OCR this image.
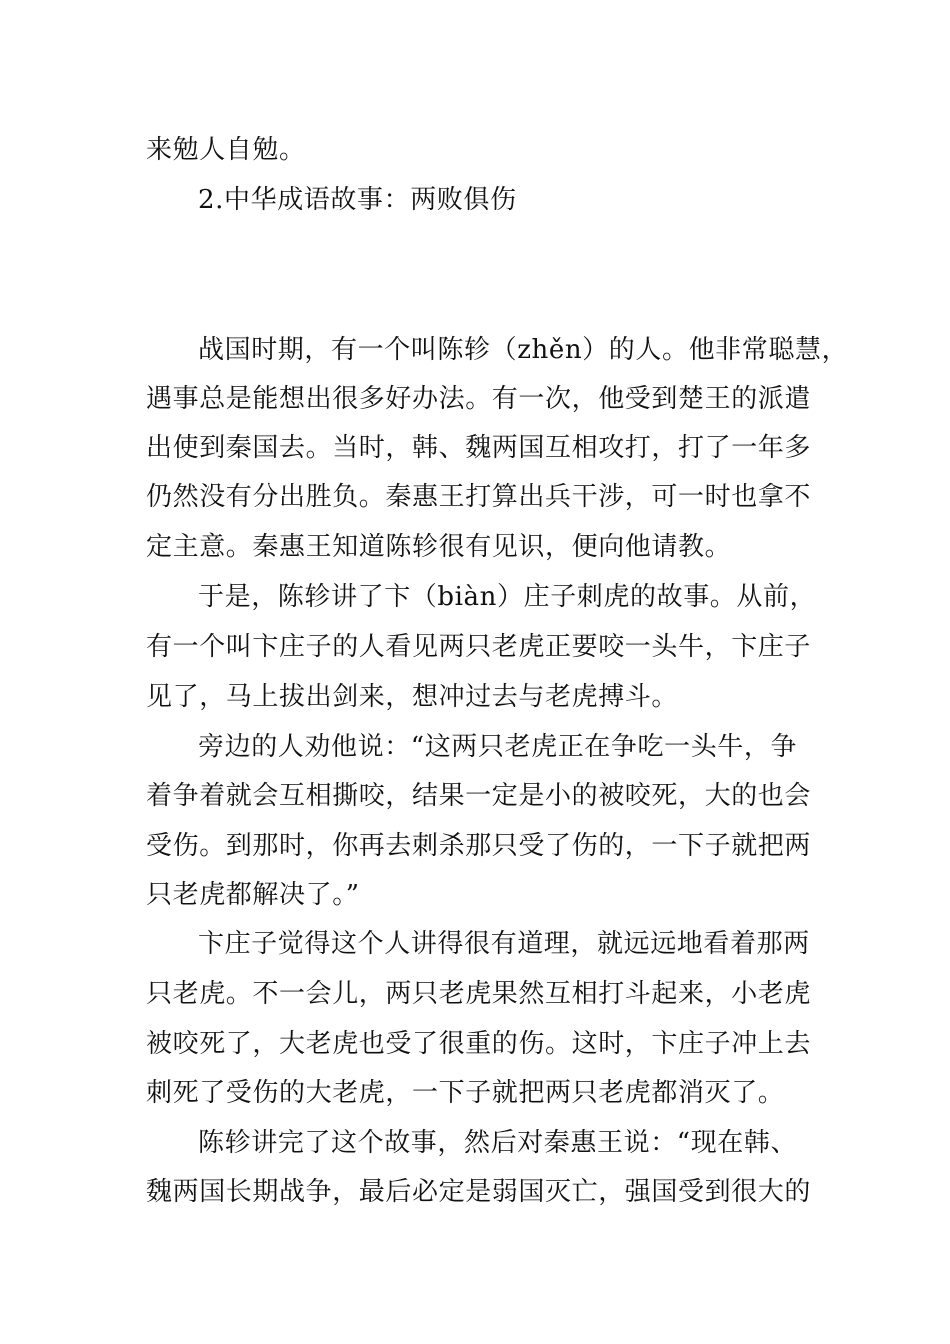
来勉人自勉。
2.中华成语故事：两败俱伤
战国时期，有一个叫陈轸（zhěn）的人。他非常聪慧，
遇事总是能想出很多好办法。有一次，他受到楚王的派遣
出使到秦国去。当时，韩、魏两国互相攻打，打了一年多
仍然没有分出胜负。秦惠王打算出兵干涉，可一时也拿不
定主意。秦惠王知道陈轸很有见识，便向他请教。
于是，陈轸讲了卞（biàn）庄子刺虎的故事。从前，
有一个叫卞庄子的人看见两只老虎正要咬一头牛，卞庄子
见了，马上拔出剑来，想冲过去与老虎搏斗。
旁边的人劝他说：“这两只老虎正在争吃一头牛，争
着争着就会互相撕咬，结果一定是小的被咬死，大的也会
受伤。到那时，你再去刺杀那只受了伤的，一下子就把两
只老虎都解决了。”
卞庄子觉得这个人讲得很有道理，就远远地看着那两
只老虎。不一会儿，两只老虎果然互相打斗起来，小老虎
被咬死了，大老虎也受了很重的伤。这时，卞庄子冲上去
刺死了受伤的大老虎，一下子就把两只老虎都消灭了。
陈轸讲完了这个故事，然后对秦惠王说：“现在韩、
魏两国长期战争，最后必定是弱国灭亡，强国受到很大的
